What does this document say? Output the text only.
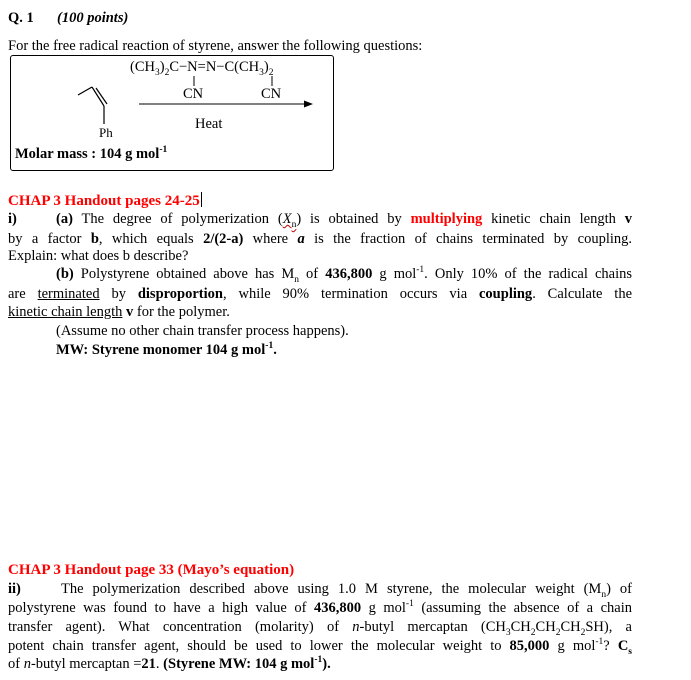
Q. 1 (100 points)
For the free radical reaction of styrene, answer the following questions:
$(CH_3)_2C-N=N-C(CH_3)_2$
CN	CN
Heat
Ph
Molar mass : 104 g mol$^{-1}$
CHAP 3 Handout pages 24-25
i)	(a) The degree of polymerization $(X_n)$ is obtained by multiplying kinetic chain length v
by a factor b, which equals 2/(2-a) where a is the fraction of chains terminated by coupling.
Explain: what does b describe?
(b) Polystyrene obtained above has $M_n$ of 436,800 g mol$^{-1}$. Only 10% of the radical chains
are terminated by disproportion, while 90% termination occurs via coupling. Calculate the
kinetic chain length v for the polymer.
(Assume no other chain transfer process happens).
MW: Styrene monomer 104 g mol$^{-1}$.
CHAP 3 Handout page 33 (Mayo’s equation)
ii)	The polymerization described above using 1.0 M styrene, the molecular weight $(M_n)$ of
polystyrene was found to have a high value of 436,800 g mol$^{-1}$ (assuming the absence of a chain
transfer agent). What concentration (molarity) of n-butyl mercaptan $(CH_3CH_2CH_2CH_2SH)$, a
potent chain transfer agent, should be used to lower the molecular weight to 85,000 g mol$^{-1}$? $C_s$
of n-butyl mercaptan =21. (Styrene MW: 104 g mol$^{-1}$).
